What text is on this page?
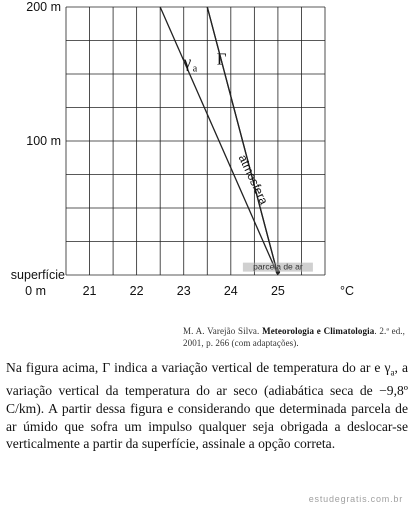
parcela de ar
γ a
Γ
atmosfera
200 m
100 m
superfície
0 m	21	22	23	24	25	°C
M. A. Varejão Silva. Meteorologia e Climatologia. 2.ª ed., 2001, p. 266 (com adaptações).
Na figura acima, Γ indica a variação vertical de temperatura do ar e $\gamma_a$, a variação vertical da temperatura do ar seco (adiabática seca de −9,8º C/km). A partir dessa figura e considerando que determinada parcela de ar úmido que sofra um impulso qualquer seja obrigada a deslocar-se verticalmente a partir da superfície, assinale a opção correta.
estudegratis.com.br
